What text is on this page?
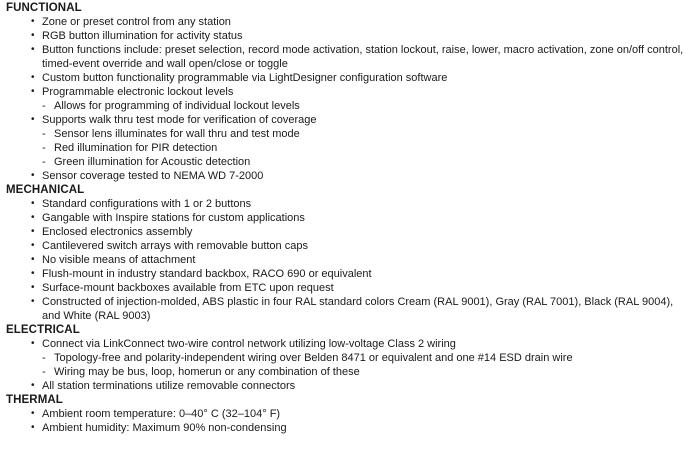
FUNCTIONAL
• Zone or preset control from any station
• RGB button illumination for activity status
• Button functions include: preset selection, record mode activation, station lockout, raise, lower, macro activation, zone on/off control, timed-event override and wall open/close or toggle
• Custom button functionality programmable via LightDesigner configuration software
• Programmable electronic lockout levels
- Allows for programming of individual lockout levels
• Supports walk thru test mode for verification of coverage
- Sensor lens illuminates for wall thru and test mode
- Red illumination for PIR detection
- Green illumination for Acoustic detection
• Sensor coverage tested to NEMA WD 7-2000
MECHANICAL
• Standard configurations with 1 or 2 buttons
• Gangable with Inspire stations for custom applications
• Enclosed electronics assembly
• Cantilevered switch arrays with removable button caps
• No visible means of attachment
• Flush-mount in industry standard backbox, RACO 690 or equivalent
• Surface-mount backboxes available from ETC upon request
• Constructed of injection-molded, ABS plastic in four RAL standard colors Cream (RAL 9001), Gray (RAL 7001), Black (RAL 9004), and White (RAL 9003)
ELECTRICAL
• Connect via LinkConnect two-wire control network utilizing low-voltage Class 2 wiring
- Topology-free and polarity-independent wiring over Belden 8471 or equivalent and one #14 ESD drain wire
- Wiring may be bus, loop, homerun or any combination of these
• All station terminations utilize removable connectors
THERMAL
• Ambient room temperature: 0–40° C (32–104° F)
• Ambient humidity: Maximum 90% non-condensing
